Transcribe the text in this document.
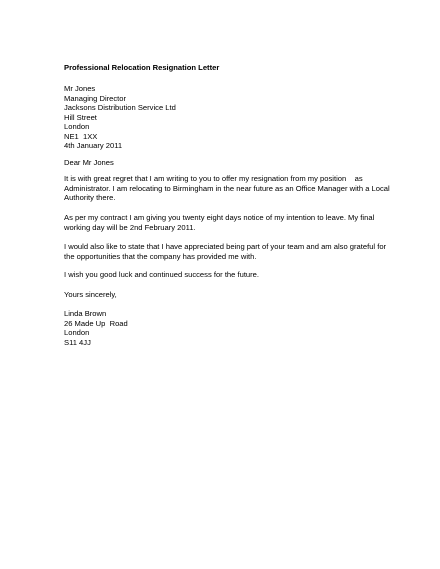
Professional Relocation Resignation Letter
Mr Jones
Managing Director
Jacksons Distribution Service Ltd
Hill Street
London
NE1  1XX
4th January 2011
Dear Mr Jones
It is with great regret that I am writing to you to offer my resignation from my position    as
Administrator. I am relocating to Birmingham in the near future as an Office Manager with a Local
Authority there.
As per my contract I am giving you twenty eight days notice of my intention to leave. My final
working day will be 2nd February 2011.
I would also like to state that I have appreciated being part of your team and am also grateful for
the opportunities that the company has provided me with.
I wish you good luck and continued success for the future.
Yours sincerely,
Linda Brown
26 Made Up  Road
London
S11 4JJ
